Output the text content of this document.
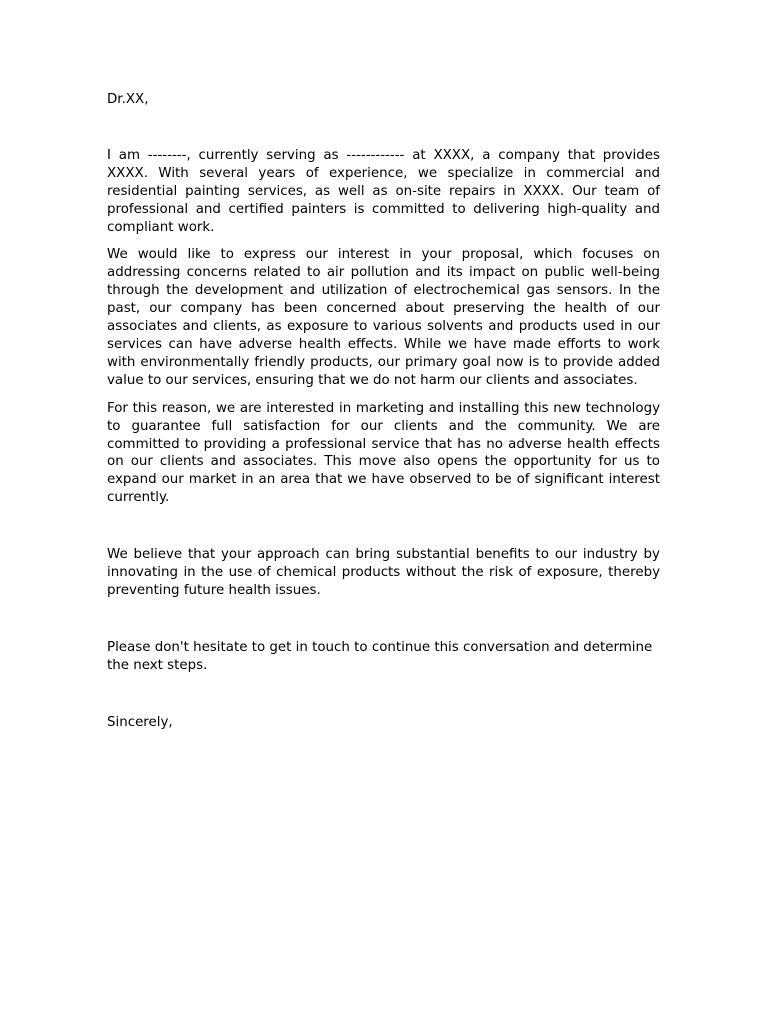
Dr.XX,

I am --------, currently serving as ------------ at XXXX, a company that provides XXXX. With several years of experience, we specialize in commercial and residential painting services, as well as on-site repairs in XXXX. Our team of professional and certified painters is committed to delivering high-quality and compliant work.

We would like to express our interest in your proposal, which focuses on addressing concerns related to air pollution and its impact on public well-being through the development and utilization of electrochemical gas sensors. In the past, our company has been concerned about preserving the health of our associates and clients, as exposure to various solvents and products used in our services can have adverse health effects. While we have made efforts to work with environmentally friendly products, our primary goal now is to provide added value to our services, ensuring that we do not harm our clients and associates.

For this reason, we are interested in marketing and installing this new technology to guarantee full satisfaction for our clients and the community. We are committed to providing a professional service that has no adverse health effects on our clients and associates. This move also opens the opportunity for us to expand our market in an area that we have observed to be of significant interest currently.

We believe that your approach can bring substantial benefits to our industry by innovating in the use of chemical products without the risk of exposure, thereby preventing future health issues.

Please don't hesitate to get in touch to continue this conversation and determine the next steps.

Sincerely,
